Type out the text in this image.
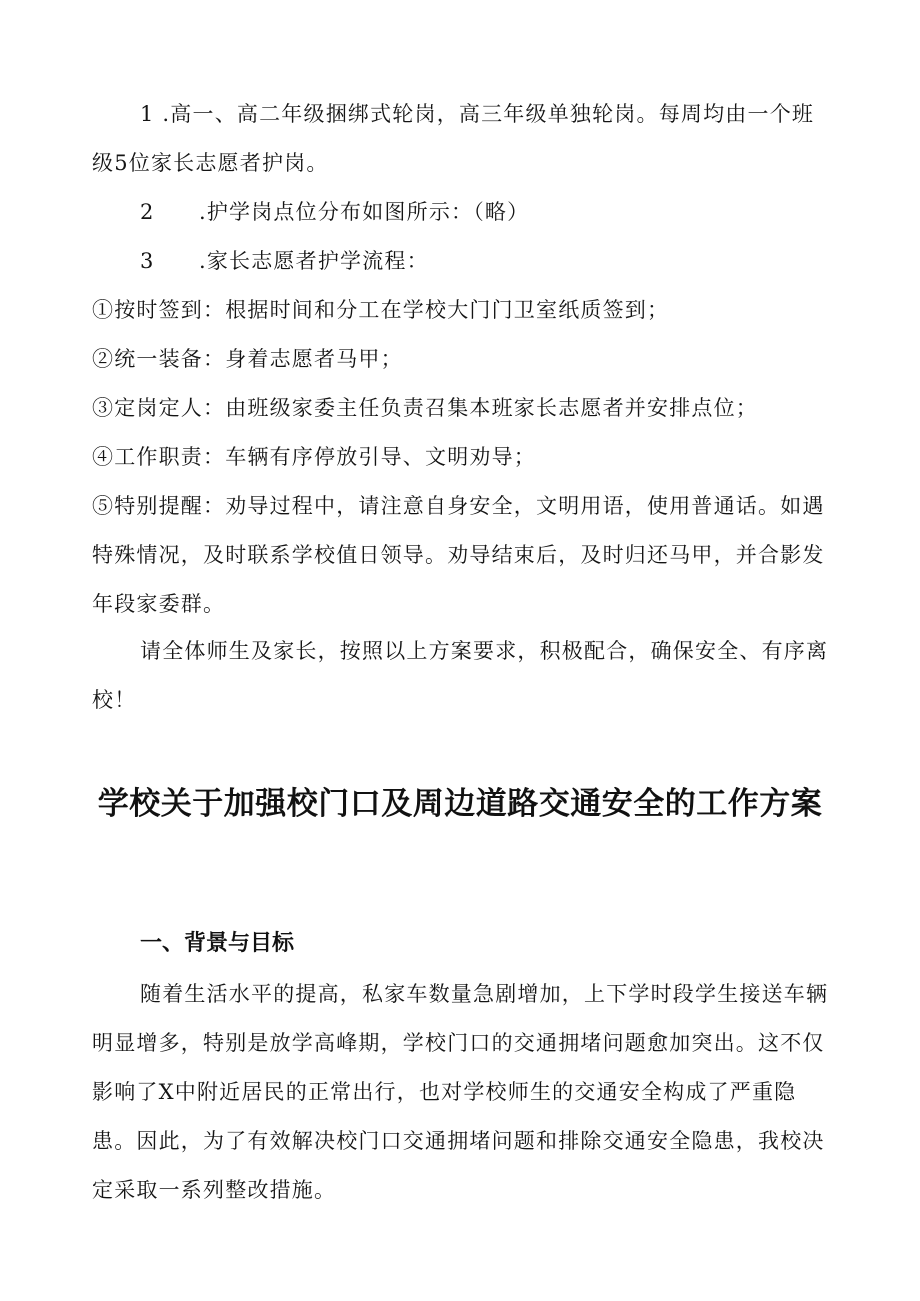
1 .高一、高二年级捆绑式轮岗，高三年级单独轮岗。每周均由一个班级5位家长志愿者护岗。

2　　.护学岗点位分布如图所示：（略）

3　　.家长志愿者护学流程：

①按时签到：根据时间和分工在学校大门门卫室纸质签到；

②统一装备：身着志愿者马甲；

③定岗定人：由班级家委主任负责召集本班家长志愿者并安排点位；

④工作职责：车辆有序停放引导、文明劝导；

⑤特别提醒：劝导过程中，请注意自身安全，文明用语，使用普通话。如遇特殊情况，及时联系学校值日领导。劝导结束后，及时归还马甲，并合影发年段家委群。

请全体师生及家长，按照以上方案要求，积极配合，确保安全、有序离校！

学校关于加强校门口及周边道路交通安全的工作方案
一、背景与目标

随着生活水平的提高，私家车数量急剧增加，上下学时段学生接送车辆明显增多，特别是放学高峰期，学校门口的交通拥堵问题愈加突出。这不仅影响了X中附近居民的正常出行，也对学校师生的交通安全构成了严重隐患。因此，为了有效解决校门口交通拥堵问题和排除交通安全隐患，我校决定采取一系列整改措施。
